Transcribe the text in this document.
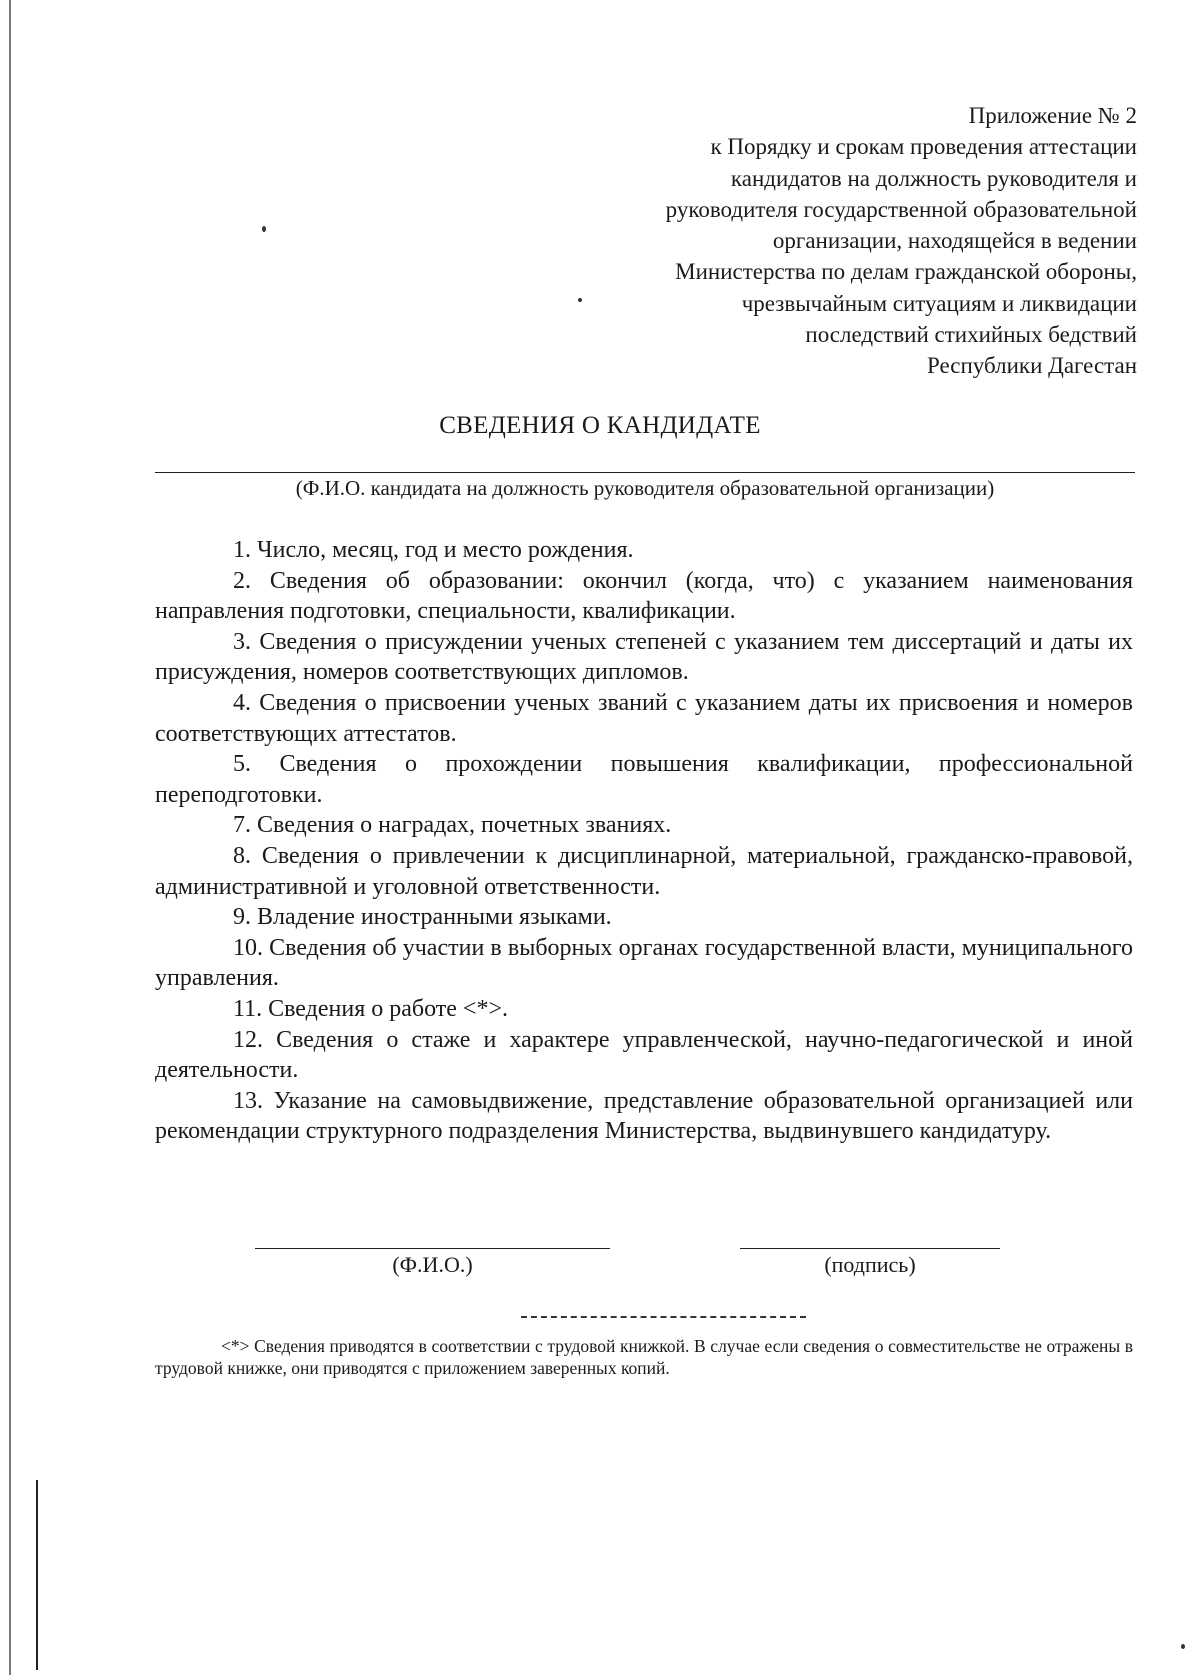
Приложение № 2
к Порядку и срокам проведения аттестации
кандидатов на должность руководителя и
руководителя государственной образовательной
организации, находящейся в ведении
Министерства по делам гражданской обороны,
чрезвычайным ситуациям и ликвидации
последствий стихийных бедствий
Республики Дагестан
СВЕДЕНИЯ О КАНДИДАТЕ
(Ф.И.О. кандидата на должность руководителя образовательной организации)

1. Число, месяц, год и место рождения.

2. Сведения об образовании: окончил (когда, что) с указанием наименования направления подготовки, специальности, квалификации.

3. Сведения о присуждении ученых степеней с указанием тем диссертаций и даты их присуждения, номеров соответствующих дипломов.

4. Сведения о присвоении ученых званий с указанием даты их присвоения и номеров соответствующих аттестатов.

5. Сведения о прохождении повышения квалификации, профессиональной переподготовки.

7. Сведения о наградах, почетных званиях.

8. Сведения о привлечении к дисциплинарной, материальной, гражданско-правовой, административной и уголовной ответственности.

9. Владение иностранными языками.

10. Сведения об участии в выборных органах государственной власти, муниципального управления.

11. Сведения о работе <*>.

12. Сведения о стаже и характере управленческой, научно-педагогической и иной деятельности.

13. Указание на самовыдвижение, представление образовательной организацией или рекомендации структурного подразделения Министерства, выдвинувшего кандидатуру.

(Ф.И.О.)	(подпись)
<*> Сведения приводятся в соответствии с трудовой книжкой. В случае если сведения о совместительстве не отражены в трудовой книжке, они приводятся с приложением заверенных копий.
